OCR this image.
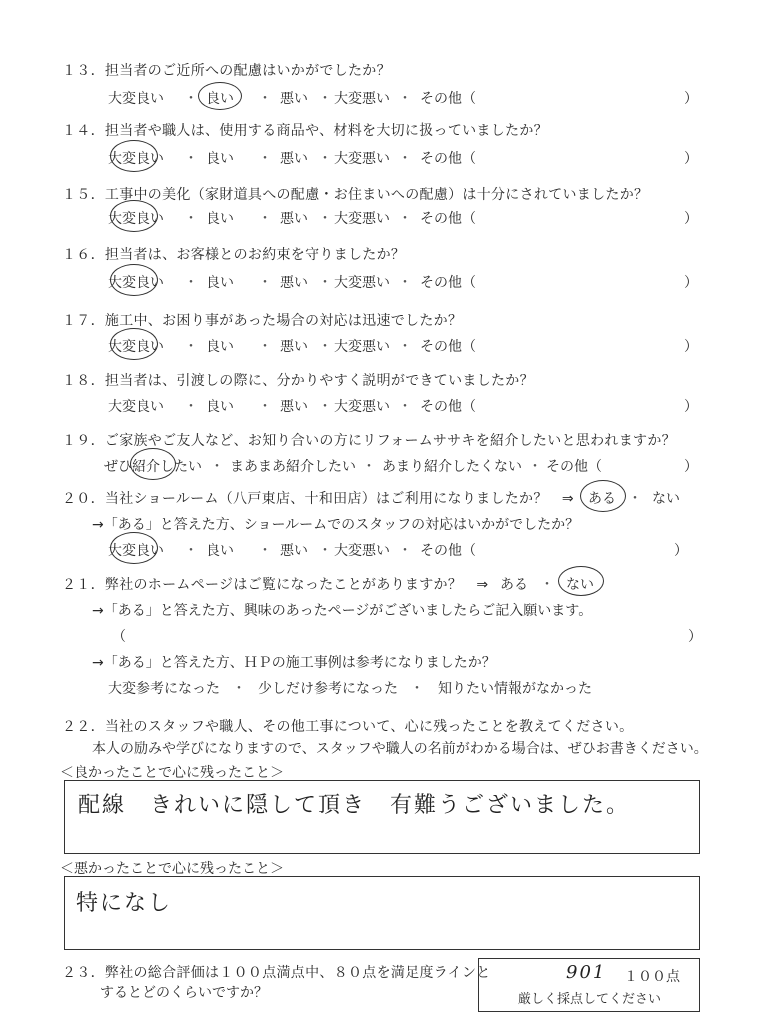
１３．担当者のご近所への配慮はいかがでしたか？
大変良い ・ 良い ・ 悪い ・ 大変悪い ・ その他（	）
１４．担当者や職人は、使用する商品や、材料を大切に扱っていましたか？
大変良い ・ 良い ・ 悪い ・ 大変悪い ・ その他（	）
１５．工事中の美化（家財道具への配慮・お住まいへの配慮）は十分にされていましたか？
大変良い ・ 良い ・ 悪い ・ 大変悪い ・ その他（	）
１６．担当者は、お客様とのお約束を守りましたか？
大変良い ・ 良い ・ 悪い ・ 大変悪い ・ その他（	）
１７．施工中、お困り事があった場合の対応は迅速でしたか？
大変良い ・ 良い ・ 悪い ・ 大変悪い ・ その他（	）
１８．担当者は、引渡しの際に、分かりやすく説明ができていましたか？
大変良い ・ 良い ・ 悪い ・ 大変悪い ・ その他（	）
１９．ご家族やご友人など、お知り合いの方にリフォームササキを紹介したいと思われますか？
ぜひ紹介したい ・ まあまあ紹介したい ・ あまり紹介したくない ・ その他（	）
２０．当社ショールーム（八戸東店、十和田店）はご利用になりましたか？　⇒ ある ・ ない
→「ある」と答えた方、ショールームでのスタッフの対応はいかがでしたか？
大変良い ・ 良い ・ 悪い ・ 大変悪い ・ その他（	）
２１．弊社のホームページはご覧になったことがありますか？　⇒ ある ・ ない
→「ある」と答えた方、興味のあったページがございましたらご記入願います。
（	）
→「ある」と答えた方、ＨＰの施工事例は参考になりましたか？
大変参考になった ・ 少しだけ参考になった ・ 知りたい情報がなかった
２２．当社のスタッフや職人、その他工事について、心に残ったことを教えてください。
本人の励みや学びになりますので、スタッフや職人の名前がわかる場合は、ぜひお書きください。
＜良かったことで心に残ったこと＞
配線　きれいに隠して頂き　有難うございました。
＜悪かったことで心に残ったこと＞
特になし
２３．弊社の総合評価は１００点満点中、８０点を満足度ラインと
するとどのくらいですか？
901 １００点
厳しく採点してください
